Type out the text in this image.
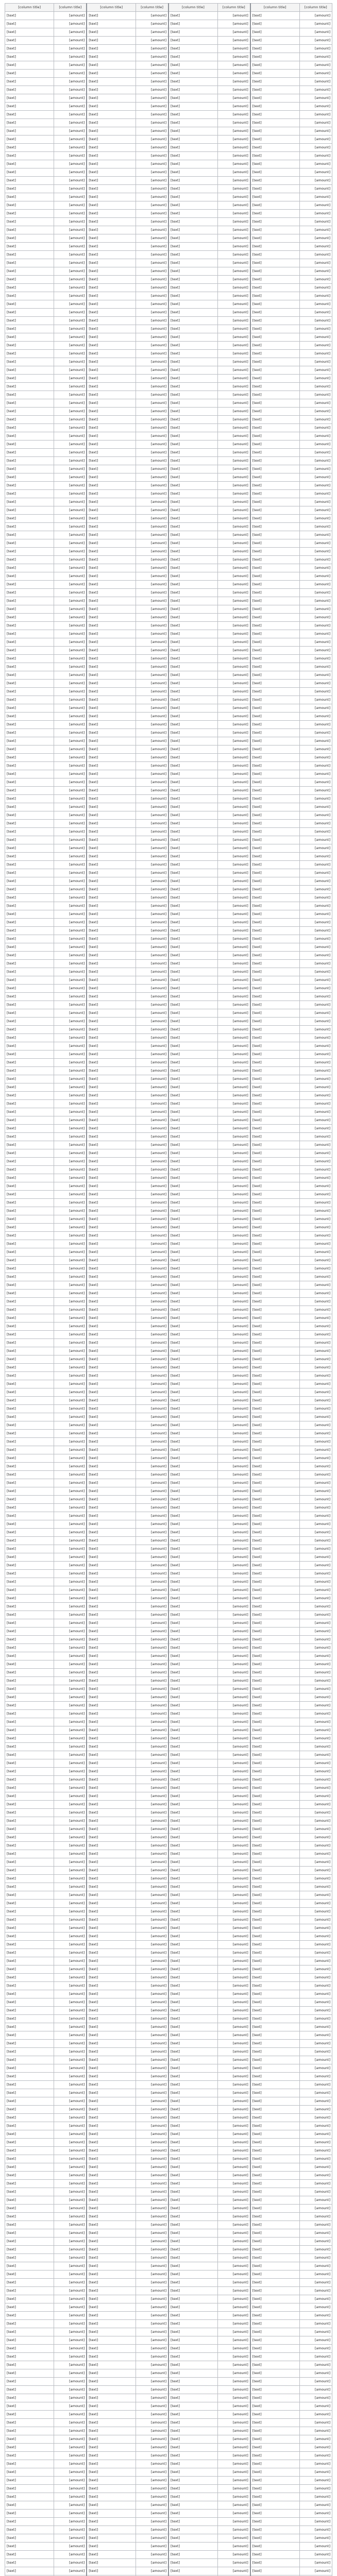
[column title]	[column title]	[column title]	[column title]	[column title]	[column title]	[column title]	[column title]
[text]	[amount]	[text]	[amount]	[text]	[amount]	[text]	[amount]
[text]	[amount]	[text]	[amount]	[text]	[amount]	[text]	[amount]
[text]	[amount]	[text]	[amount]	[text]	[amount]	[text]	[amount]
[text]	[amount]	[text]	[amount]	[text]	[amount]	[text]	[amount]
[text]	[amount]	[text]	[amount]	[text]	[amount]	[text]	[amount]
[text]	[amount]	[text]	[amount]	[text]	[amount]	[text]	[amount]
[text]	[amount]	[text]	[amount]	[text]	[amount]	[text]	[amount]
[text]	[amount]	[text]	[amount]	[text]	[amount]	[text]	[amount]
[text]	[amount]	[text]	[amount]	[text]	[amount]	[text]	[amount]
[text]	[amount]	[text]	[amount]	[text]	[amount]	[text]	[amount]
[text]	[amount]	[text]	[amount]	[text]	[amount]	[text]	[amount]
[text]	[amount]	[text]	[amount]	[text]	[amount]	[text]	[amount]
[text]	[amount]	[text]	[amount]	[text]	[amount]	[text]	[amount]
[text]	[amount]	[text]	[amount]	[text]	[amount]	[text]	[amount]
[text]	[amount]	[text]	[amount]	[text]	[amount]	[text]	[amount]
[text]	[amount]	[text]	[amount]	[text]	[amount]	[text]	[amount]
[text]	[amount]	[text]	[amount]	[text]	[amount]	[text]	[amount]
[text]	[amount]	[text]	[amount]	[text]	[amount]	[text]	[amount]
[text]	[amount]	[text]	[amount]	[text]	[amount]	[text]	[amount]
[text]	[amount]	[text]	[amount]	[text]	[amount]	[text]	[amount]
[text]	[amount]	[text]	[amount]	[text]	[amount]	[text]	[amount]
[text]	[amount]	[text]	[amount]	[text]	[amount]	[text]	[amount]
[text]	[amount]	[text]	[amount]	[text]	[amount]	[text]	[amount]
[text]	[amount]	[text]	[amount]	[text]	[amount]	[text]	[amount]
[text]	[amount]	[text]	[amount]	[text]	[amount]	[text]	[amount]
[text]	[amount]	[text]	[amount]	[text]	[amount]	[text]	[amount]
[text]	[amount]	[text]	[amount]	[text]	[amount]	[text]	[amount]
[text]	[amount]	[text]	[amount]	[text]	[amount]	[text]	[amount]
[text]	[amount]	[text]	[amount]	[text]	[amount]	[text]	[amount]
[text]	[amount]	[text]	[amount]	[text]	[amount]	[text]	[amount]
[text]	[amount]	[text]	[amount]	[text]	[amount]	[text]	[amount]
[text]	[amount]	[text]	[amount]	[text]	[amount]	[text]	[amount]
[text]	[amount]	[text]	[amount]	[text]	[amount]	[text]	[amount]
[text]	[amount]	[text]	[amount]	[text]	[amount]	[text]	[amount]
[text]	[amount]	[text]	[amount]	[text]	[amount]	[text]	[amount]
[text]	[amount]	[text]	[amount]	[text]	[amount]	[text]	[amount]
[text]	[amount]	[text]	[amount]	[text]	[amount]	[text]	[amount]
[text]	[amount]	[text]	[amount]	[text]	[amount]	[text]	[amount]
[text]	[amount]	[text]	[amount]	[text]	[amount]	[text]	[amount]
[text]	[amount]	[text]	[amount]	[text]	[amount]	[text]	[amount]
[text]	[amount]	[text]	[amount]	[text]	[amount]	[text]	[amount]
[text]	[amount]	[text]	[amount]	[text]	[amount]	[text]	[amount]
[text]	[amount]	[text]	[amount]	[text]	[amount]	[text]	[amount]
[text]	[amount]	[text]	[amount]	[text]	[amount]	[text]	[amount]
[text]	[amount]	[text]	[amount]	[text]	[amount]	[text]	[amount]
[text]	[amount]	[text]	[amount]	[text]	[amount]	[text]	[amount]
[text]	[amount]	[text]	[amount]	[text]	[amount]	[text]	[amount]
[text]	[amount]	[text]	[amount]	[text]	[amount]	[text]	[amount]
[text]	[amount]	[text]	[amount]	[text]	[amount]	[text]	[amount]
[text]	[amount]	[text]	[amount]	[text]	[amount]	[text]	[amount]
[text]	[amount]	[text]	[amount]	[text]	[amount]	[text]	[amount]
[text]	[amount]	[text]	[amount]	[text]	[amount]	[text]	[amount]
[text]	[amount]	[text]	[amount]	[text]	[amount]	[text]	[amount]
[text]	[amount]	[text]	[amount]	[text]	[amount]	[text]	[amount]
[text]	[amount]	[text]	[amount]	[text]	[amount]	[text]	[amount]
[text]	[amount]	[text]	[amount]	[text]	[amount]	[text]	[amount]
[text]	[amount]	[text]	[amount]	[text]	[amount]	[text]	[amount]
[text]	[amount]	[text]	[amount]	[text]	[amount]	[text]	[amount]
[text]	[amount]	[text]	[amount]	[text]	[amount]	[text]	[amount]
[text]	[amount]	[text]	[amount]	[text]	[amount]	[text]	[amount]
[text]	[amount]	[text]	[amount]	[text]	[amount]	[text]	[amount]
[text]	[amount]	[text]	[amount]	[text]	[amount]	[text]	[amount]
[text]	[amount]	[text]	[amount]	[text]	[amount]	[text]	[amount]
[text]	[amount]	[text]	[amount]	[text]	[amount]	[text]	[amount]
[text]	[amount]	[text]	[amount]	[text]	[amount]	[text]	[amount]
[text]	[amount]	[text]	[amount]	[text]	[amount]	[text]	[amount]
[text]	[amount]	[text]	[amount]	[text]	[amount]	[text]	[amount]
[text]	[amount]	[text]	[amount]	[text]	[amount]	[text]	[amount]
[text]	[amount]	[text]	[amount]	[text]	[amount]	[text]	[amount]
[text]	[amount]	[text]	[amount]	[text]	[amount]	[text]	[amount]
[text]	[amount]	[text]	[amount]	[text]	[amount]	[text]	[amount]
[text]	[amount]	[text]	[amount]	[text]	[amount]	[text]	[amount]
[text]	[amount]	[text]	[amount]	[text]	[amount]	[text]	[amount]
[text]	[amount]	[text]	[amount]	[text]	[amount]	[text]	[amount]
[text]	[amount]	[text]	[amount]	[text]	[amount]	[text]	[amount]
[text]	[amount]	[text]	[amount]	[text]	[amount]	[text]	[amount]
[text]	[amount]	[text]	[amount]	[text]	[amount]	[text]	[amount]
[text]	[amount]	[text]	[amount]	[text]	[amount]	[text]	[amount]
[text]	[amount]	[text]	[amount]	[text]	[amount]	[text]	[amount]
[text]	[amount]	[text]	[amount]	[text]	[amount]	[text]	[amount]
[text]	[amount]	[text]	[amount]	[text]	[amount]	[text]	[amount]
[text]	[amount]	[text]	[amount]	[text]	[amount]	[text]	[amount]
[text]	[amount]	[text]	[amount]	[text]	[amount]	[text]	[amount]
[text]	[amount]	[text]	[amount]	[text]	[amount]	[text]	[amount]
[text]	[amount]	[text]	[amount]	[text]	[amount]	[text]	[amount]
[text]	[amount]	[text]	[amount]	[text]	[amount]	[text]	[amount]
[text]	[amount]	[text]	[amount]	[text]	[amount]	[text]	[amount]
[text]	[amount]	[text]	[amount]	[text]	[amount]	[text]	[amount]
[text]	[amount]	[text]	[amount]	[text]	[amount]	[text]	[amount]
[text]	[amount]	[text]	[amount]	[text]	[amount]	[text]	[amount]
[text]	[amount]	[text]	[amount]	[text]	[amount]	[text]	[amount]
[text]	[amount]	[text]	[amount]	[text]	[amount]	[text]	[amount]
[text]	[amount]	[text]	[amount]	[text]	[amount]	[text]	[amount]
[text]	[amount]	[text]	[amount]	[text]	[amount]	[text]	[amount]
[text]	[amount]	[text]	[amount]	[text]	[amount]	[text]	[amount]
[text]	[amount]	[text]	[amount]	[text]	[amount]	[text]	[amount]
[text]	[amount]	[text]	[amount]	[text]	[amount]	[text]	[amount]
[text]	[amount]	[text]	[amount]	[text]	[amount]	[text]	[amount]
[text]	[amount]	[text]	[amount]	[text]	[amount]	[text]	[amount]
[text]	[amount]	[text]	[amount]	[text]	[amount]	[text]	[amount]
[text]	[amount]	[text]	[amount]	[text]	[amount]	[text]	[amount]
[text]	[amount]	[text]	[amount]	[text]	[amount]	[text]	[amount]
[text]	[amount]	[text]	[amount]	[text]	[amount]	[text]	[amount]
[text]	[amount]	[text]	[amount]	[text]	[amount]	[text]	[amount]
[text]	[amount]	[text]	[amount]	[text]	[amount]	[text]	[amount]
[text]	[amount]	[text]	[amount]	[text]	[amount]	[text]	[amount]
[text]	[amount]	[text]	[amount]	[text]	[amount]	[text]	[amount]
[text]	[amount]	[text]	[amount]	[text]	[amount]	[text]	[amount]
[text]	[amount]	[text]	[amount]	[text]	[amount]	[text]	[amount]
[text]	[amount]	[text]	[amount]	[text]	[amount]	[text]	[amount]
[text]	[amount]	[text]	[amount]	[text]	[amount]	[text]	[amount]
[text]	[amount]	[text]	[amount]	[text]	[amount]	[text]	[amount]
[text]	[amount]	[text]	[amount]	[text]	[amount]	[text]	[amount]
[text]	[amount]	[text]	[amount]	[text]	[amount]	[text]	[amount]
[text]	[amount]	[text]	[amount]	[text]	[amount]	[text]	[amount]
[text]	[amount]	[text]	[amount]	[text]	[amount]	[text]	[amount]
[text]	[amount]	[text]	[amount]	[text]	[amount]	[text]	[amount]
[text]	[amount]	[text]	[amount]	[text]	[amount]	[text]	[amount]
[text]	[amount]	[text]	[amount]	[text]	[amount]	[text]	[amount]
[text]	[amount]	[text]	[amount]	[text]	[amount]	[text]	[amount]
[text]	[amount]	[text]	[amount]	[text]	[amount]	[text]	[amount]
[text]	[amount]	[text]	[amount]	[text]	[amount]	[text]	[amount]
[text]	[amount]	[text]	[amount]	[text]	[amount]	[text]	[amount]
[text]	[amount]	[text]	[amount]	[text]	[amount]	[text]	[amount]
[text]	[amount]	[text]	[amount]	[text]	[amount]	[text]	[amount]
[text]	[amount]	[text]	[amount]	[text]	[amount]	[text]	[amount]
[text]	[amount]	[text]	[amount]	[text]	[amount]	[text]	[amount]
[text]	[amount]	[text]	[amount]	[text]	[amount]	[text]	[amount]
[text]	[amount]	[text]	[amount]	[text]	[amount]	[text]	[amount]
[text]	[amount]	[text]	[amount]	[text]	[amount]	[text]	[amount]
[text]	[amount]	[text]	[amount]	[text]	[amount]	[text]	[amount]
[text]	[amount]	[text]	[amount]	[text]	[amount]	[text]	[amount]
[text]	[amount]	[text]	[amount]	[text]	[amount]	[text]	[amount]
[text]	[amount]	[text]	[amount]	[text]	[amount]	[text]	[amount]
[text]	[amount]	[text]	[amount]	[text]	[amount]	[text]	[amount]
[text]	[amount]	[text]	[amount]	[text]	[amount]	[text]	[amount]
[text]	[amount]	[text]	[amount]	[text]	[amount]	[text]	[amount]
[text]	[amount]	[text]	[amount]	[text]	[amount]	[text]	[amount]
[text]	[amount]	[text]	[amount]	[text]	[amount]	[text]	[amount]
[text]	[amount]	[text]	[amount]	[text]	[amount]	[text]	[amount]
[text]	[amount]	[text]	[amount]	[text]	[amount]	[text]	[amount]
[text]	[amount]	[text]	[amount]	[text]	[amount]	[text]	[amount]
[text]	[amount]	[text]	[amount]	[text]	[amount]	[text]	[amount]
[text]	[amount]	[text]	[amount]	[text]	[amount]	[text]	[amount]
[text]	[amount]	[text]	[amount]	[text]	[amount]	[text]	[amount]
[text]	[amount]	[text]	[amount]	[text]	[amount]	[text]	[amount]
[text]	[amount]	[text]	[amount]	[text]	[amount]	[text]	[amount]
[text]	[amount]	[text]	[amount]	[text]	[amount]	[text]	[amount]
[text]	[amount]	[text]	[amount]	[text]	[amount]	[text]	[amount]
[text]	[amount]	[text]	[amount]	[text]	[amount]	[text]	[amount]
[text]	[amount]	[text]	[amount]	[text]	[amount]	[text]	[amount]
[text]	[amount]	[text]	[amount]	[text]	[amount]	[text]	[amount]
[text]	[amount]	[text]	[amount]	[text]	[amount]	[text]	[amount]
[text]	[amount]	[text]	[amount]	[text]	[amount]	[text]	[amount]
[text]	[amount]	[text]	[amount]	[text]	[amount]	[text]	[amount]
[text]	[amount]	[text]	[amount]	[text]	[amount]	[text]	[amount]
[text]	[amount]	[text]	[amount]	[text]	[amount]	[text]	[amount]
[text]	[amount]	[text]	[amount]	[text]	[amount]	[text]	[amount]
[text]	[amount]	[text]	[amount]	[text]	[amount]	[text]	[amount]
[text]	[amount]	[text]	[amount]	[text]	[amount]	[text]	[amount]
[text]	[amount]	[text]	[amount]	[text]	[amount]	[text]	[amount]
[text]	[amount]	[text]	[amount]	[text]	[amount]	[text]	[amount]
[text]	[amount]	[text]	[amount]	[text]	[amount]	[text]	[amount]
[text]	[amount]	[text]	[amount]	[text]	[amount]	[text]	[amount]
[text]	[amount]	[text]	[amount]	[text]	[amount]	[text]	[amount]
[text]	[amount]	[text]	[amount]	[text]	[amount]	[text]	[amount]
[text]	[amount]	[text]	[amount]	[text]	[amount]	[text]	[amount]
[text]	[amount]	[text]	[amount]	[text]	[amount]	[text]	[amount]
[text]	[amount]	[text]	[amount]	[text]	[amount]	[text]	[amount]
[text]	[amount]	[text]	[amount]	[text]	[amount]	[text]	[amount]
[text]	[amount]	[text]	[amount]	[text]	[amount]	[text]	[amount]
[text]	[amount]	[text]	[amount]	[text]	[amount]	[text]	[amount]
[text]	[amount]	[text]	[amount]	[text]	[amount]	[text]	[amount]
[text]	[amount]	[text]	[amount]	[text]	[amount]	[text]	[amount]
[text]	[amount]	[text]	[amount]	[text]	[amount]	[text]	[amount]
[text]	[amount]	[text]	[amount]	[text]	[amount]	[text]	[amount]
[text]	[amount]	[text]	[amount]	[text]	[amount]	[text]	[amount]
[text]	[amount]	[text]	[amount]	[text]	[amount]	[text]	[amount]
[text]	[amount]	[text]	[amount]	[text]	[amount]	[text]	[amount]
[text]	[amount]	[text]	[amount]	[text]	[amount]	[text]	[amount]
[text]	[amount]	[text]	[amount]	[text]	[amount]	[text]	[amount]
[text]	[amount]	[text]	[amount]	[text]	[amount]	[text]	[amount]
[text]	[amount]	[text]	[amount]	[text]	[amount]	[text]	[amount]
[text]	[amount]	[text]	[amount]	[text]	[amount]	[text]	[amount]
[text]	[amount]	[text]	[amount]	[text]	[amount]	[text]	[amount]
[text]	[amount]	[text]	[amount]	[text]	[amount]	[text]	[amount]
[text]	[amount]	[text]	[amount]	[text]	[amount]	[text]	[amount]
[text]	[amount]	[text]	[amount]	[text]	[amount]	[text]	[amount]
[text]	[amount]	[text]	[amount]	[text]	[amount]	[text]	[amount]
[text]	[amount]	[text]	[amount]	[text]	[amount]	[text]	[amount]
[text]	[amount]	[text]	[amount]	[text]	[amount]	[text]	[amount]
[text]	[amount]	[text]	[amount]	[text]	[amount]	[text]	[amount]
[text]	[amount]	[text]	[amount]	[text]	[amount]	[text]	[amount]
[text]	[amount]	[text]	[amount]	[text]	[amount]	[text]	[amount]
[text]	[amount]	[text]	[amount]	[text]	[amount]	[text]	[amount]
[text]	[amount]	[text]	[amount]	[text]	[amount]	[text]	[amount]
[text]	[amount]	[text]	[amount]	[text]	[amount]	[text]	[amount]
[text]	[amount]	[text]	[amount]	[text]	[amount]	[text]	[amount]
[text]	[amount]	[text]	[amount]	[text]	[amount]	[text]	[amount]
[text]	[amount]	[text]	[amount]	[text]	[amount]	[text]	[amount]
[text]	[amount]	[text]	[amount]	[text]	[amount]	[text]	[amount]
[text]	[amount]	[text]	[amount]	[text]	[amount]	[text]	[amount]
[text]	[amount]	[text]	[amount]	[text]	[amount]	[text]	[amount]
[text]	[amount]	[text]	[amount]	[text]	[amount]	[text]	[amount]
[text]	[amount]	[text]	[amount]	[text]	[amount]	[text]	[amount]
[text]	[amount]	[text]	[amount]	[text]	[amount]	[text]	[amount]
[text]	[amount]	[text]	[amount]	[text]	[amount]	[text]	[amount]
[text]	[amount]	[text]	[amount]	[text]	[amount]	[text]	[amount]
[text]	[amount]	[text]	[amount]	[text]	[amount]	[text]	[amount]
[text]	[amount]	[text]	[amount]	[text]	[amount]	[text]	[amount]
[text]	[amount]	[text]	[amount]	[text]	[amount]	[text]	[amount]
[text]	[amount]	[text]	[amount]	[text]	[amount]	[text]	[amount]
[text]	[amount]	[text]	[amount]	[text]	[amount]	[text]	[amount]
[text]	[amount]	[text]	[amount]	[text]	[amount]	[text]	[amount]
[text]	[amount]	[text]	[amount]	[text]	[amount]	[text]	[amount]
[text]	[amount]	[text]	[amount]	[text]	[amount]	[text]	[amount]
[text]	[amount]	[text]	[amount]	[text]	[amount]	[text]	[amount]
[text]	[amount]	[text]	[amount]	[text]	[amount]	[text]	[amount]
[text]	[amount]	[text]	[amount]	[text]	[amount]	[text]	[amount]
[text]	[amount]	[text]	[amount]	[text]	[amount]	[text]	[amount]
[text]	[amount]	[text]	[amount]	[text]	[amount]	[text]	[amount]
[text]	[amount]	[text]	[amount]	[text]	[amount]	[text]	[amount]
[text]	[amount]	[text]	[amount]	[text]	[amount]	[text]	[amount]
[text]	[amount]	[text]	[amount]	[text]	[amount]	[text]	[amount]
[text]	[amount]	[text]	[amount]	[text]	[amount]	[text]	[amount]
[text]	[amount]	[text]	[amount]	[text]	[amount]	[text]	[amount]
[text]	[amount]	[text]	[amount]	[text]	[amount]	[text]	[amount]
[text]	[amount]	[text]	[amount]	[text]	[amount]	[text]	[amount]
[text]	[amount]	[text]	[amount]	[text]	[amount]	[text]	[amount]
[text]	[amount]	[text]	[amount]	[text]	[amount]	[text]	[amount]
[text]	[amount]	[text]	[amount]	[text]	[amount]	[text]	[amount]
[text]	[amount]	[text]	[amount]	[text]	[amount]	[text]	[amount]
[text]	[amount]	[text]	[amount]	[text]	[amount]	[text]	[amount]
[text]	[amount]	[text]	[amount]	[text]	[amount]	[text]	[amount]
[text]	[amount]	[text]	[amount]	[text]	[amount]	[text]	[amount]
[text]	[amount]	[text]	[amount]	[text]	[amount]	[text]	[amount]
[text]	[amount]	[text]	[amount]	[text]	[amount]	[text]	[amount]
[text]	[amount]	[text]	[amount]	[text]	[amount]	[text]	[amount]
[text]	[amount]	[text]	[amount]	[text]	[amount]	[text]	[amount]
[text]	[amount]	[text]	[amount]	[text]	[amount]	[text]	[amount]
[text]	[amount]	[text]	[amount]	[text]	[amount]	[text]	[amount]
[text]	[amount]	[text]	[amount]	[text]	[amount]	[text]	[amount]
[text]	[amount]	[text]	[amount]	[text]	[amount]	[text]	[amount]
[text]	[amount]	[text]	[amount]	[text]	[amount]	[text]	[amount]
[text]	[amount]	[text]	[amount]	[text]	[amount]	[text]	[amount]
[text]	[amount]	[text]	[amount]	[text]	[amount]	[text]	[amount]
[text]	[amount]	[text]	[amount]	[text]	[amount]	[text]	[amount]
[text]	[amount]	[text]	[amount]	[text]	[amount]	[text]	[amount]
[text]	[amount]	[text]	[amount]	[text]	[amount]	[text]	[amount]
[text]	[amount]	[text]	[amount]	[text]	[amount]	[text]	[amount]
[text]	[amount]	[text]	[amount]	[text]	[amount]	[text]	[amount]
[text]	[amount]	[text]	[amount]	[text]	[amount]	[text]	[amount]
[text]	[amount]	[text]	[amount]	[text]	[amount]	[text]	[amount]
[text]	[amount]	[text]	[amount]	[text]	[amount]	[text]	[amount]
[text]	[amount]	[text]	[amount]	[text]	[amount]	[text]	[amount]
[text]	[amount]	[text]	[amount]	[text]	[amount]	[text]	[amount]
[text]	[amount]	[text]	[amount]	[text]	[amount]	[text]	[amount]
[text]	[amount]	[text]	[amount]	[text]	[amount]	[text]	[amount]
[text]	[amount]	[text]	[amount]	[text]	[amount]	[text]	[amount]
[text]	[amount]	[text]	[amount]	[text]	[amount]	[text]	[amount]
[text]	[amount]	[text]	[amount]	[text]	[amount]	[text]	[amount]
[text]	[amount]	[text]	[amount]	[text]	[amount]	[text]	[amount]
[text]	[amount]	[text]	[amount]	[text]	[amount]	[text]	[amount]
[text]	[amount]	[text]	[amount]	[text]	[amount]	[text]	[amount]
[text]	[amount]	[text]	[amount]	[text]	[amount]	[text]	[amount]
[text]	[amount]	[text]	[amount]	[text]	[amount]	[text]	[amount]
[text]	[amount]	[text]	[amount]	[text]	[amount]	[text]	[amount]
[text]	[amount]	[text]	[amount]	[text]	[amount]	[text]	[amount]
[text]	[amount]	[text]	[amount]	[text]	[amount]	[text]	[amount]
[text]	[amount]	[text]	[amount]	[text]	[amount]	[text]	[amount]
[text]	[amount]	[text]	[amount]	[text]	[amount]	[text]	[amount]
[text]	[amount]	[text]	[amount]	[text]	[amount]	[text]	[amount]
[text]	[amount]	[text]	[amount]	[text]	[amount]	[text]	[amount]
[text]	[amount]	[text]	[amount]	[text]	[amount]	[text]	[amount]
[text]	[amount]	[text]	[amount]	[text]	[amount]	[text]	[amount]
[text]	[amount]	[text]	[amount]	[text]	[amount]	[text]	[amount]
[text]	[amount]	[text]	[amount]	[text]	[amount]	[text]	[amount]
[text]	[amount]	[text]	[amount]	[text]	[amount]	[text]	[amount]
[text]	[amount]	[text]	[amount]	[text]	[amount]	[text]	[amount]
[text]	[amount]	[text]	[amount]	[text]	[amount]	[text]	[amount]
[text]	[amount]	[text]	[amount]	[text]	[amount]	[text]	[amount]
[text]	[amount]	[text]	[amount]	[text]	[amount]	[text]	[amount]
[text]	[amount]	[text]	[amount]	[text]	[amount]	[text]	[amount]
[text]	[amount]	[text]	[amount]	[text]	[amount]	[text]	[amount]
[text]	[amount]	[text]	[amount]	[text]	[amount]	[text]	[amount]
[text]	[amount]	[text]	[amount]	[text]	[amount]	[text]	[amount]
[text]	[amount]	[text]	[amount]	[text]	[amount]	[text]	[amount]
[text]	[amount]	[text]	[amount]	[text]	[amount]	[text]	[amount]
[text]	[amount]	[text]	[amount]	[text]	[amount]	[text]	[amount]
[text]	[amount]	[text]	[amount]	[text]	[amount]	[text]	[amount]
[text]	[amount]	[text]	[amount]	[text]	[amount]	[text]	[amount]
[text]	[amount]	[text]	[amount]	[text]	[amount]	[text]	[amount]
[text]	[amount]	[text]	[amount]	[text]	[amount]	[text]	[amount]
[text]	[amount]	[text]	[amount]	[text]	[amount]	[text]	[amount]
[text]	[amount]	[text]	[amount]	[text]	[amount]	[text]	[amount]
[text]	[amount]	[text]	[amount]	[text]	[amount]	[text]	[amount]
[text]	[amount]	[text]	[amount]	[text]	[amount]	[text]	[amount]
[text]	[amount]	[text]	[amount]	[text]	[amount]	[text]	[amount]
[text]	[amount]	[text]	[amount]	[text]	[amount]	[text]	[amount]
[text]	[amount]	[text]	[amount]	[text]	[amount]	[text]	[amount]
[text]	[amount]	[text]	[amount]	[text]	[amount]	[text]	[amount]
[text]	[amount]	[text]	[amount]	[text]	[amount]	[text]	[amount]
[text]	[amount]	[text]	[amount]	[text]	[amount]	[text]	[amount]
[text]	[amount]	[text]	[amount]	[text]	[amount]	[text]	[amount]
[text]	[amount]	[text]	[amount]	[text]	[amount]	[text]	[amount]
[text]	[amount]	[text]	[amount]	[text]	[amount]	[text]	[amount]
[text]	[amount]	[text]	[amount]	[text]	[amount]	[text]	[amount]
[text]	[amount]	[text]	[amount]	[text]	[amount]	[text]	[amount]
[text]	[amount]	[text]	[amount]	[text]	[amount]	[text]	[amount]
[text]	[amount]	[text]	[amount]	[text]	[amount]	[text]	[amount]
[text]	[amount]	[text]	[amount]	[text]	[amount]	[text]	[amount]
